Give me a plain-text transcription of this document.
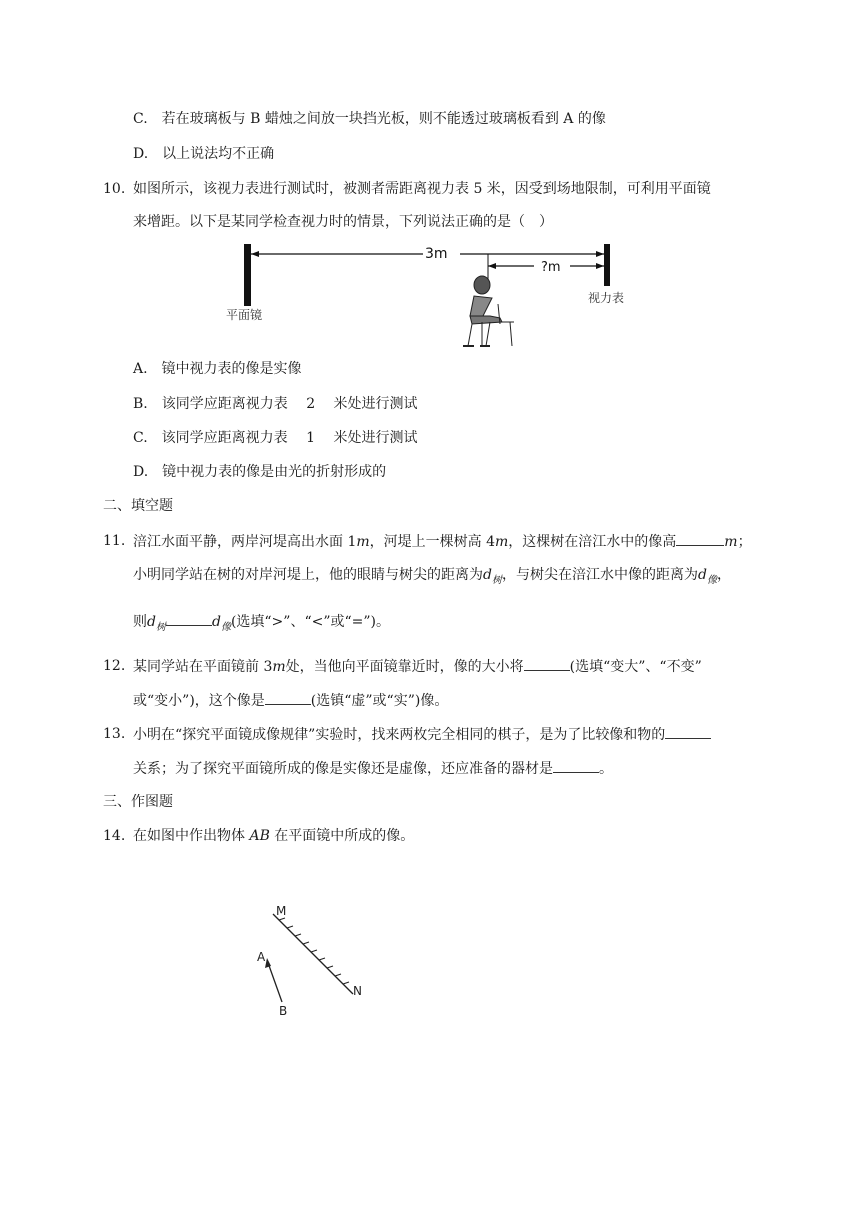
C.　若在玻璃板与 B 蜡烛之间放一块挡光板，则不能透过玻璃板看到 A 的像
D.　以上说法均不正确
10. 如图所示，该视力表进行测试时，被测者需距离视力表 5 米，因受到场地限制，可利用平面镜
来增距。以下是某同学检查视力时的情景，下列说法正确的是（　）
3m
?m
平面镜
视力表
A.　镜中视力表的像是实像
B.　该同学应距离视力表　 2 　米处进行测试
C.　该同学应距离视力表　 1 　米处进行测试
D.　镜中视力表的像是由光的折射形成的
二、填空题
11. 涪江水面平静，两岸河堤高出水面 1m，河堤上一棵树高 4m，这棵树在涪江水中的像高	m；
小明同学站在树的对岸河堤上，他的眼睛与树尖的距离为$d_树$，与树尖在涪江水中像的距离为$d_像$，
则$d_树$	$d_像$(选填“>”、“<”或“=”)。
12. 某同学站在平面镜前 3m处，当他向平面镜靠近时，像的大小将	(选填“变大”、“不变”
或“变小”)，这个像是	(选镇“虚”或“实”)像。
13. 小明在“探究平面镜成像规律”实验时，找来两枚完全相同的棋子，是为了比较像和物的
关系；为了探究平面镜所成的像是实像还是虚像，还应准备的器材是	。
三、作图题
14. 在如图中作出物体 AB 在平面镜中所成的像。
M
N
A
B
